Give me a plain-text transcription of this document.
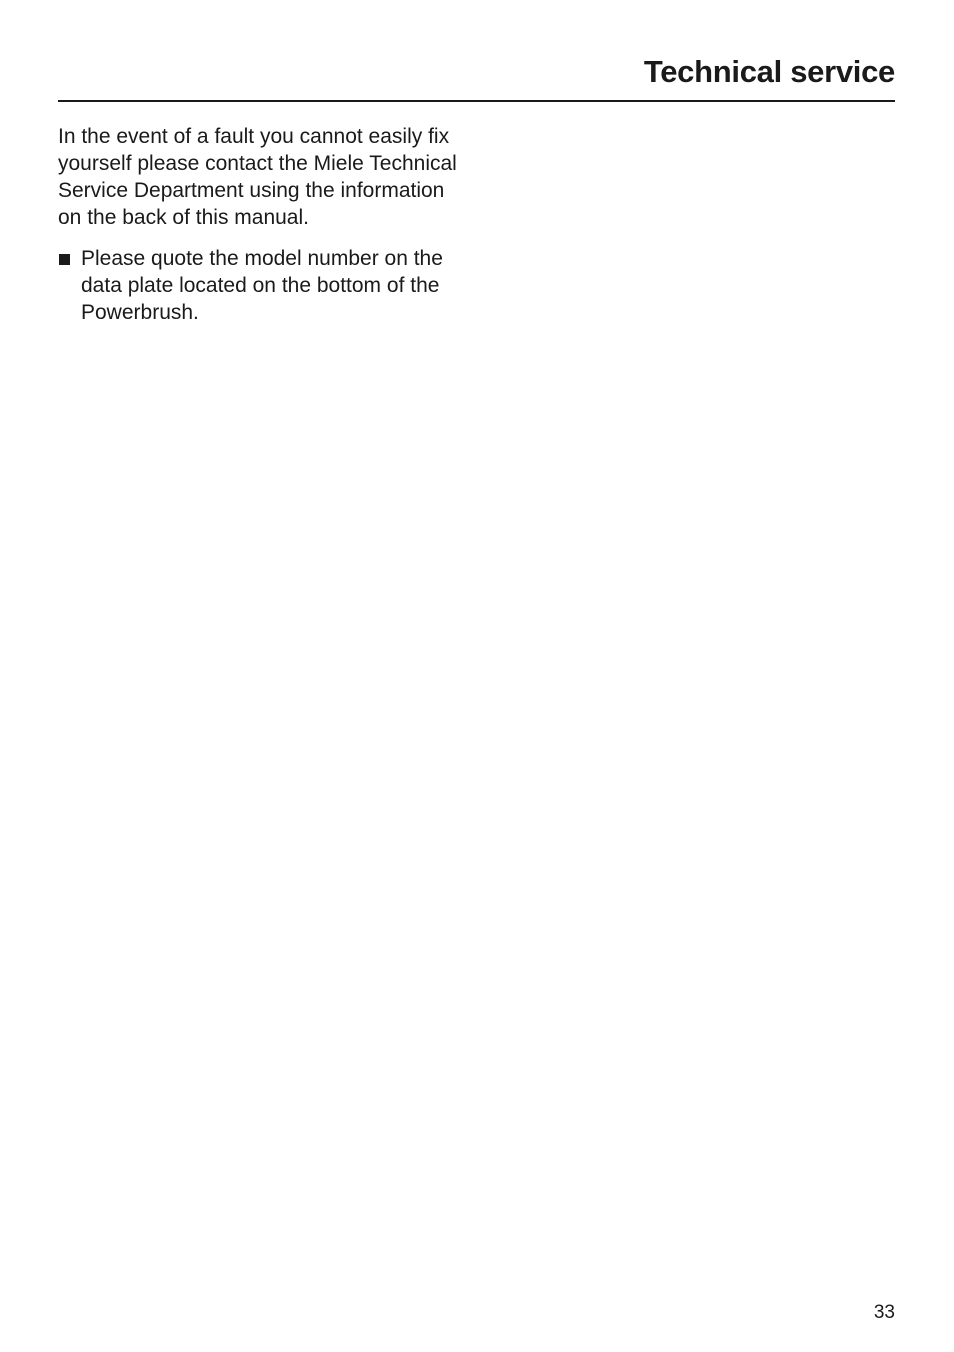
Technical service

In the event of a fault you cannot easily fix yourself please contact the Miele Technical Service Department using the information on the back of this manual.

Please quote the model number on the data plate located on the bottom of the Powerbrush.
33
